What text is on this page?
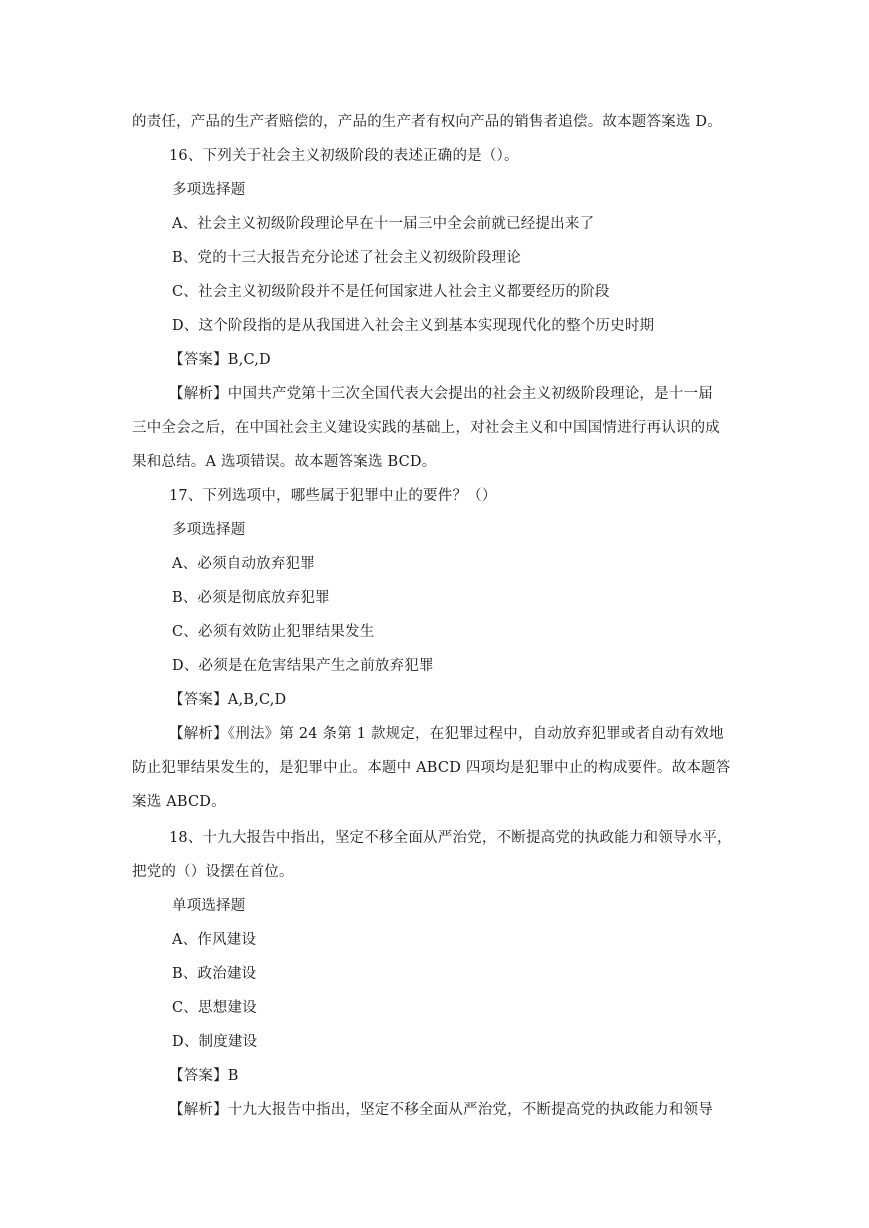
的责任，产品的生产者赔偿的，产品的生产者有权向产品的销售者追偿。故本题答案选 D。
16、下列关于社会主义初级阶段的表述正确的是（）。
多项选择题
A、社会主义初级阶段理论早在十一届三中全会前就已经提出来了
B、党的十三大报告充分论述了社会主义初级阶段理论
C、社会主义初级阶段并不是任何国家进人社会主义都要经历的阶段
D、这个阶段指的是从我国进入社会主义到基本实现现代化的整个历史时期
【答案】B,C,D
【解析】中国共产党第十三次全国代表大会提出的社会主义初级阶段理论，是十一届
三中全会之后，在中国社会主义建设实践的基础上，对社会主义和中国国情进行再认识的成
果和总结。A 选项错误。故本题答案选 BCD。
17、下列选项中，哪些属于犯罪中止的要件？（）
多项选择题
A、必须自动放弃犯罪
B、必须是彻底放弃犯罪
C、必须有效防止犯罪结果发生
D、必须是在危害结果产生之前放弃犯罪
【答案】A,B,C,D
【解析】《刑法》第 24 条第 1 款规定，在犯罪过程中，自动放弃犯罪或者自动有效地
防止犯罪结果发生的，是犯罪中止。本题中 ABCD 四项均是犯罪中止的构成要件。故本题答
案选 ABCD。
18、十九大报告中指出，坚定不移全面从严治党，不断提高党的执政能力和领导水平，
把党的（）设摆在首位。
单项选择题
A、作风建设
B、政治建设
C、思想建设
D、制度建设
【答案】B
【解析】十九大报告中指出，坚定不移全面从严治党，不断提高党的执政能力和领导
